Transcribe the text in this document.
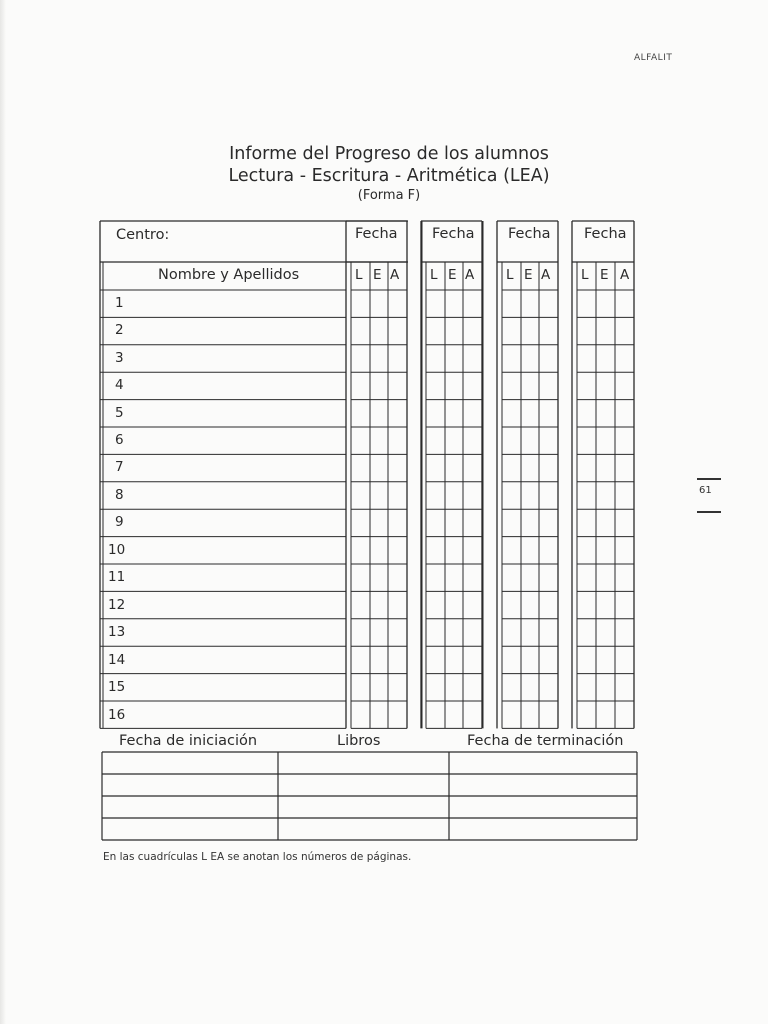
ALFALIT
Informe del Progreso de los alumnos
Lectura - Escritura - Aritmética (LEA)
(Forma F)
Centro:
Nombre y Apellidos
Fecha Fecha Fecha Fecha
L E A L E A L E A L E A
1
2
3
4
5
6
7
8
9
10
11
12
13
14
15
16
Fecha de iniciación	Libros	Fecha de terminación
En las cuadrículas L EA se anotan los números de páginas.
61
